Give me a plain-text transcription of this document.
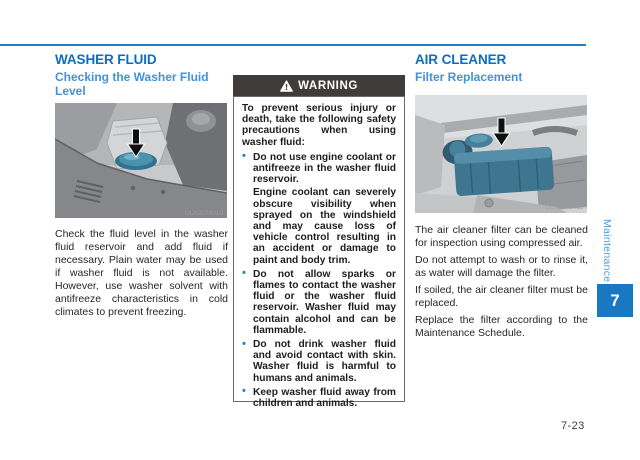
WASHER FLUID
Checking the Washer Fluid Level
OLX2078010
Check the fluid level in the washer fluid reservoir and add fluid if necessary. Plain water may be used if washer fluid is not available. However, use washer solvent with antifreeze characteristics in cold climates to prevent freezing.
WARNING

To prevent serious injury or death, take the following safety precautions when using washer fluid:

• Do not use engine coolant or antifreeze in the washer fluid reservoir.

Engine coolant can severely obscure visibility when sprayed on the windshield and may cause loss of vehicle control resulting in an accident or damage to paint and body trim.

• Do not allow sparks or flames to contact the washer fluid or the washer fluid reservoir. Washer fluid may contain alcohol and can be flammable.

• Do not drink washer fluid and avoid contact with skin. Washer fluid is harmful to humans and animals.

• Keep washer fluid away from children and animals.

AIR CLEANER
Filter Replacement
OLX2078011

The air cleaner filter can be cleaned for inspection using compressed air.

Do not attempt to wash or to rinse it, as water will damage the filter.

If soiled, the air cleaner filter must be replaced.

Replace the filter according to the Maintenance Schedule.

Maintenance
7
7-23
